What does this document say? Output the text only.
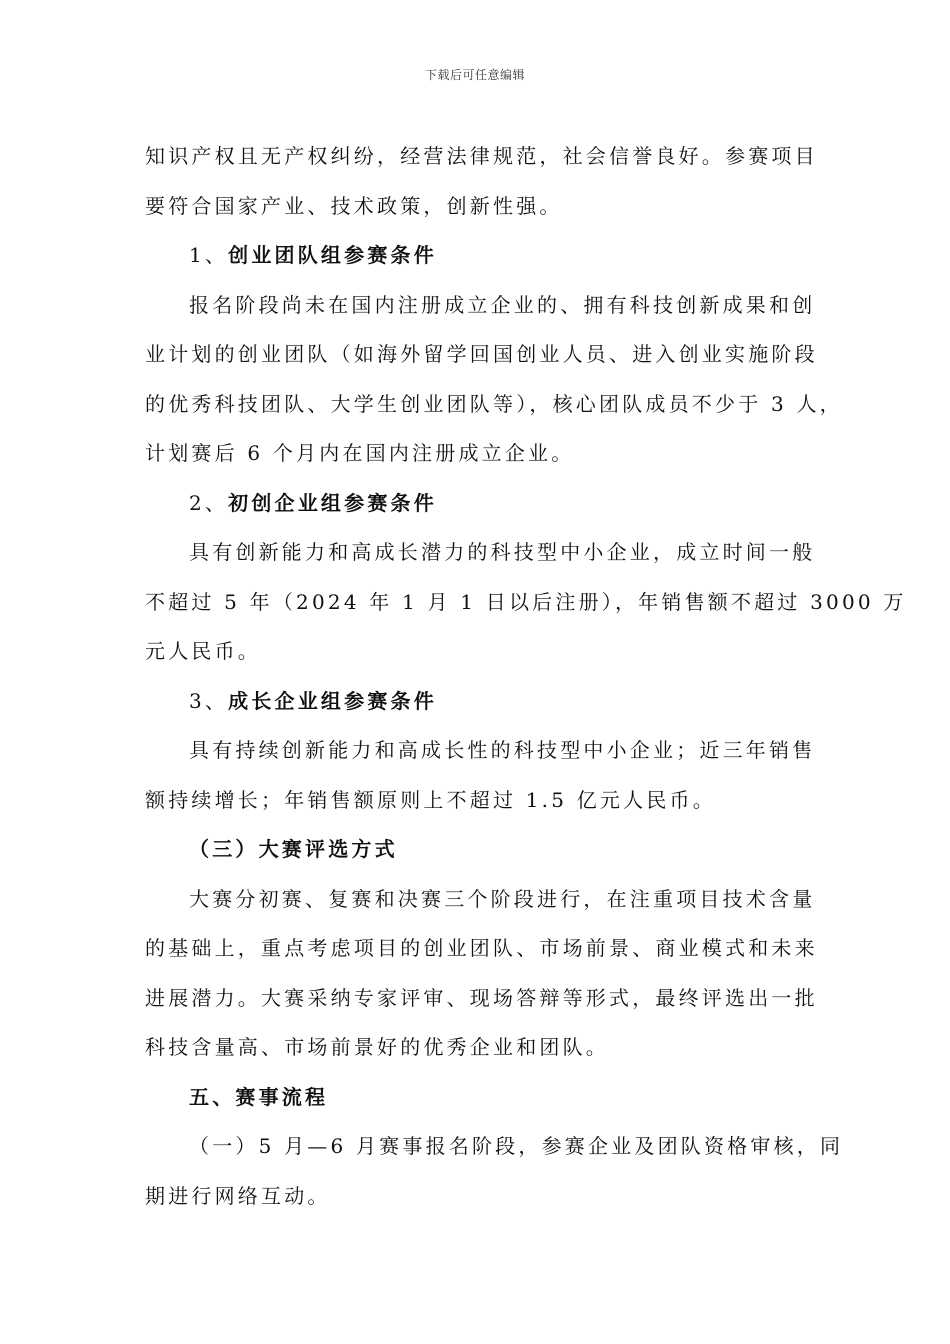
下载后可任意编辑

知识产权且无产权纠纷，经营法律规范，社会信誉良好。参赛项目

要符合国家产业、技术政策，创新性强。

1、创业团队组参赛条件

报名阶段尚未在国内注册成立企业的、拥有科技创新成果和创

业计划的创业团队（如海外留学回国创业人员、进入创业实施阶段

的优秀科技团队、大学生创业团队等），核心团队成员不少于 3 人，

计划赛后 6 个月内在国内注册成立企业。

2、初创企业组参赛条件

具有创新能力和高成长潜力的科技型中小企业，成立时间一般

不超过 5 年（2024 年 1 月 1 日以后注册），年销售额不超过 3000 万

元人民币。

3、成长企业组参赛条件

具有持续创新能力和高成长性的科技型中小企业；近三年销售

额持续增长；年销售额原则上不超过 1.5 亿元人民币。

（三）大赛评选方式

大赛分初赛、复赛和决赛三个阶段进行，在注重项目技术含量

的基础上，重点考虑项目的创业团队、市场前景、商业模式和未来

进展潜力。大赛采纳专家评审、现场答辩等形式，最终评选出一批

科技含量高、市场前景好的优秀企业和团队。

五、赛事流程

（一）5 月—6 月赛事报名阶段，参赛企业及团队资格审核，同

期进行网络互动。
